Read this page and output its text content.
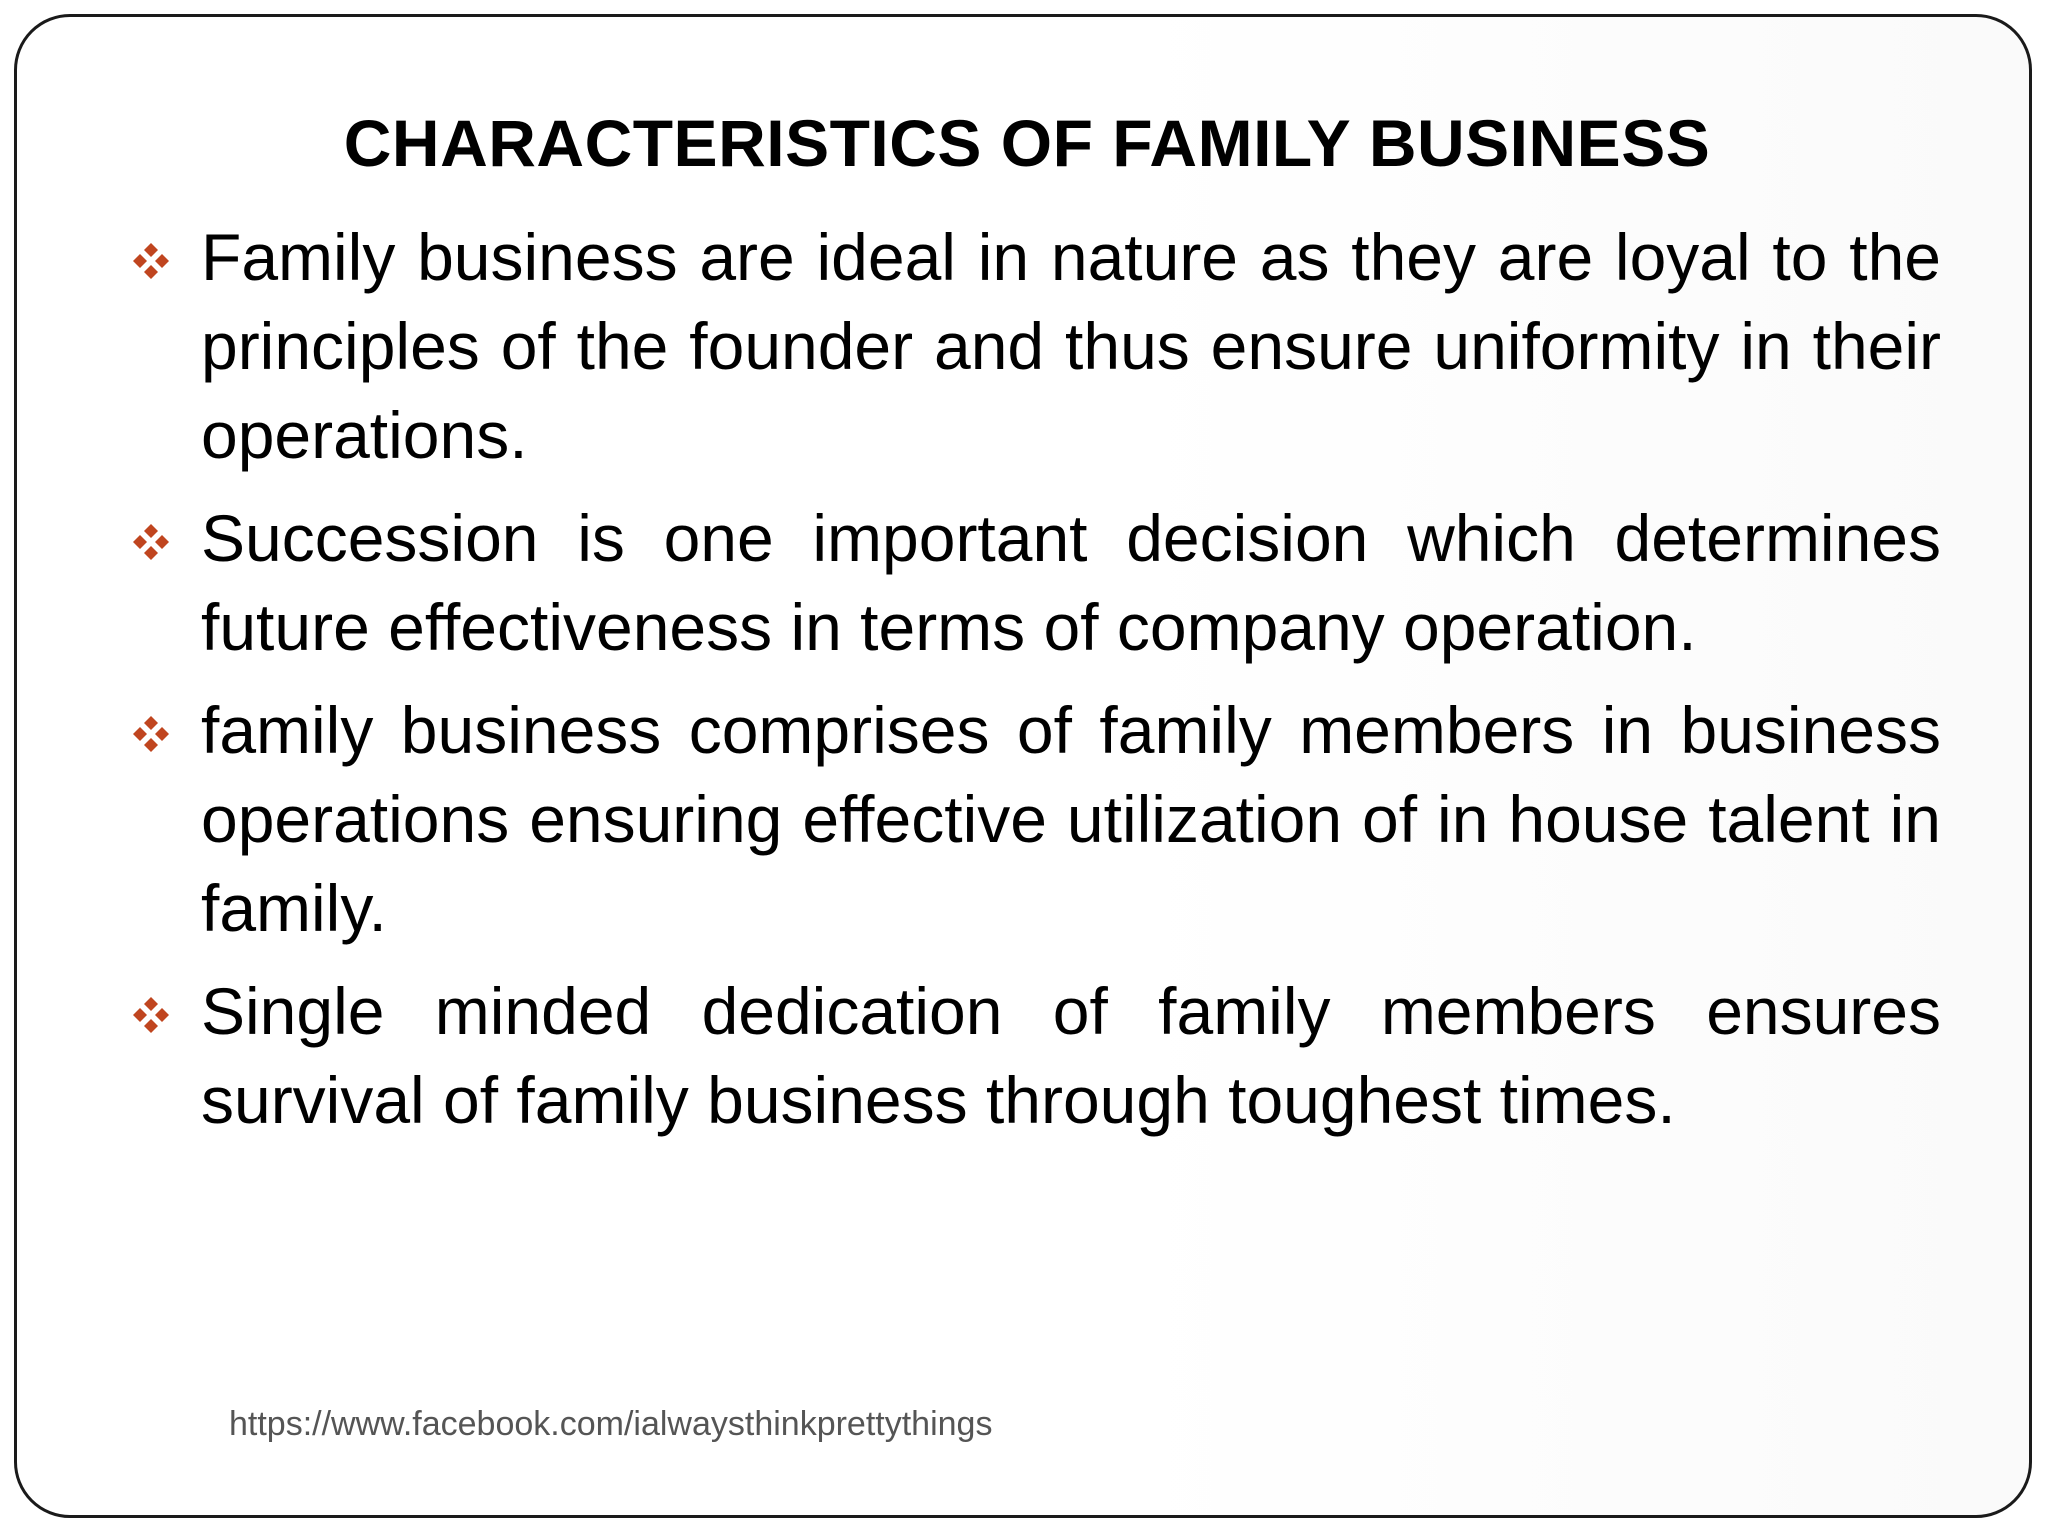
CHARACTERISTICS OF FAMILY BUSINESS
Family business are ideal in nature as they are loyal to the principles of the founder and thus ensure uniformity in their operations.
Succession is one important decision which determines future effectiveness in terms of company operation.
family business comprises of family members in business operations ensuring effective utilization of in house talent in family.
Single minded dedication of family members ensures survival of family business through toughest times.
https://www.facebook.com/ialwaysthinkprettythings
